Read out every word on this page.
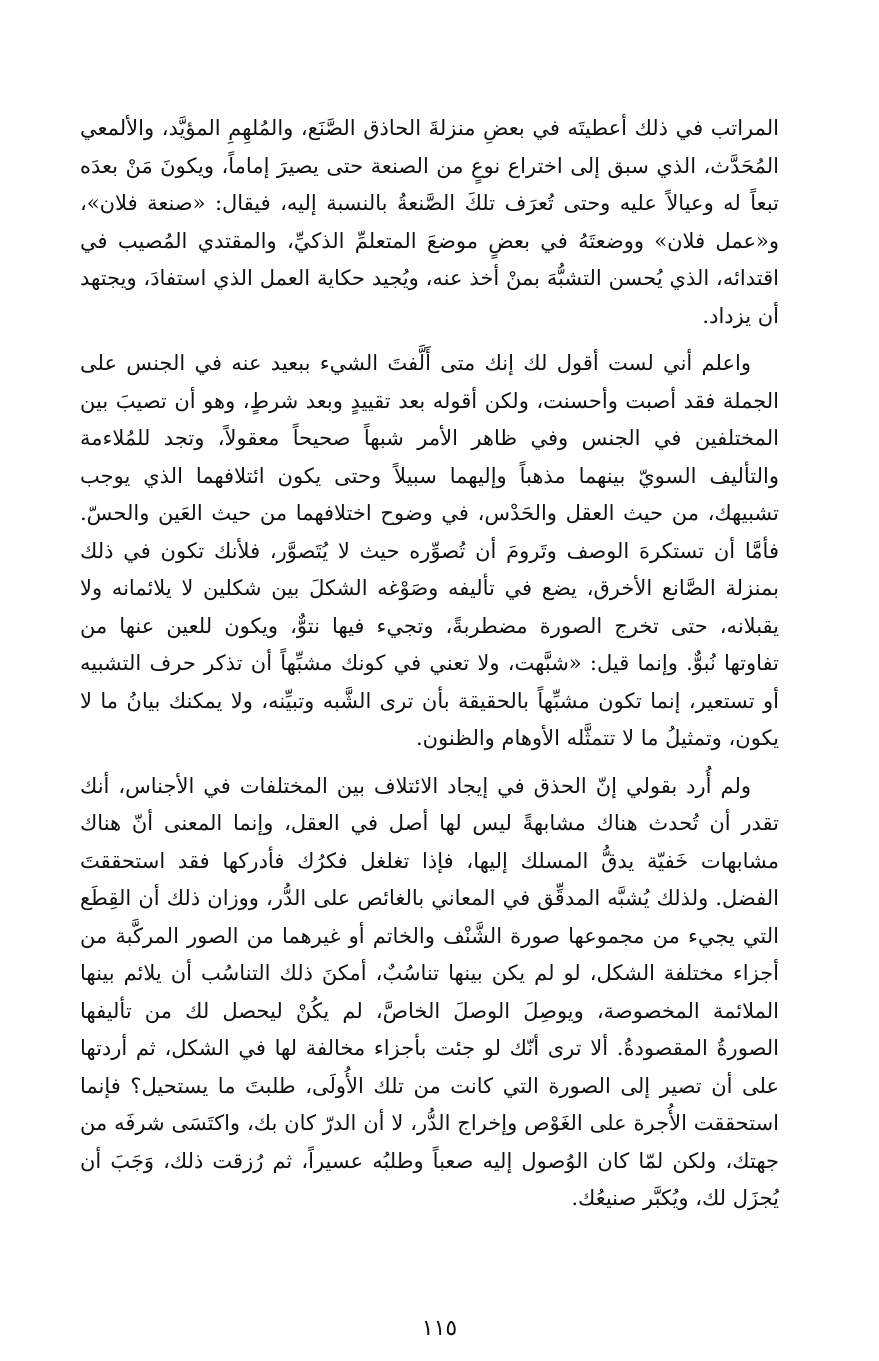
المراتب في ذلك أعطيتَه في بعضِ منزلةَ الحاذق الصَّنَع، والمُلهِمِ المؤيَّد، والألمعي المُحَدَّث، الذي سبق إلى اختراع نوعٍ من الصنعة حتى يصيرَ إماماً، ويكونَ مَنْ بعدَه تبعاً له وعيالاً عليه وحتى تُعرَف تلكَ الصَّنعةُ بالنسبة إليه، فيقال: «صنعة فلان»، و«عمل فلان» ووضعتَهُ في بعضٍ موضعَ المتعلمِّ الذكيِّ، والمقتدي المُصيب في اقتدائه، الذي يُحسن التشبُّهَ بمنْ أخذ عنه، ويُجيد حكاية العمل الذي استفادَ، ويجتهد أن يزداد.

واعلم أني لست أقول لك إنك متى أَلَّفتَ الشيء ببعيد عنه في الجنس على الجملة فقد أصبت وأحسنت، ولكن أقوله بعد تقييدٍ وبعد شرطٍ، وهو أن تصيبَ بين المختلفين في الجنس وفي ظاهر الأمر شبهاً صحيحاً معقولاً، وتجد للمُلاءمة والتأليف السويّ بينهما مذهباً وإليهما سبيلاً وحتى يكون ائتلافهما الذي يوجب تشبيهك، من حيث العقل والحَدْس، في وضوح اختلافهما من حيث العَين والحسّ. فأمَّا أن تستكرهَ الوصف وتَرومَ أن تُصوِّره حيث لا يُتَصوَّر، فلأنك تكون في ذلك بمنزلة الصَّانع الأخرق، يضع في تأليفه وصَوْغه الشكلَ بين شكلين لا يلائمانه ولا يقبلانه، حتى تخرج الصورة مضطربةً، وتجيء فيها نتوٌّ، ويكون للعين عنها من تفاوتها نُبوٌّ. وإنما قيل: «شبَّهت، ولا تعني في كونك مشبِّهاً أن تذكر حرف التشبيه أو تستعير، إنما تكون مشبِّهاً بالحقيقة بأن ترى الشَّبه وتبيِّنه، ولا يمكنك بيانُ ما لا يكون، وتمثيلُ ما لا تتمثَّله الأوهام والظنون.

ولم أُرد بقولي إنّ الحذق في إيجاد الائتلاف بين المختلفات في الأجناس، أنك تقدر أن تُحدث هناك مشابهةً ليس لها أصل في العقل، وإنما المعنى أنّ هناك مشابهات خَفيّة يدقُّ المسلك إليها، فإذا تغلغل فكرُك فأدركها فقد استحققتَ الفضل. ولذلك يُشبَّه المدقِّق في المعاني بالغائص على الدُّر، ووزان ذلك أن القِطَع التي يجيء من مجموعها صورة الشَّنْف والخاتم أو غيرهما من الصور المركَّبة من أجزاء مختلفة الشكل، لو لم يكن بينها تناسُبٌ، أمكنَ ذلك التناسُب أن يلائم بينها الملائمة المخصوصة، ويوصِلَ الوصلَ الخاصَّ، لم يكُنْ ليحصل لك من تأليفها الصورةُ المقصودةُ. ألا ترى أنّك لو جئت بأجزاء مخالفة لها في الشكل، ثم أردتها على أن تصير إلى الصورة التي كانت من تلك الأُولَى، طلبتَ ما يستحيل؟ فإنما استحققت الأُجرة على الغَوْص وإخراج الدُّر، لا أن الدرّ كان بك، واكتَسَى شرفَه من جهتك، ولكن لمّا كان الوُصول إليه صعباً وطلبُه عسيراً، ثم رُزقت ذلك، وَجَبَ أن يُجزَل لك، ويُكبَّر صنيعُك.

١١٥
